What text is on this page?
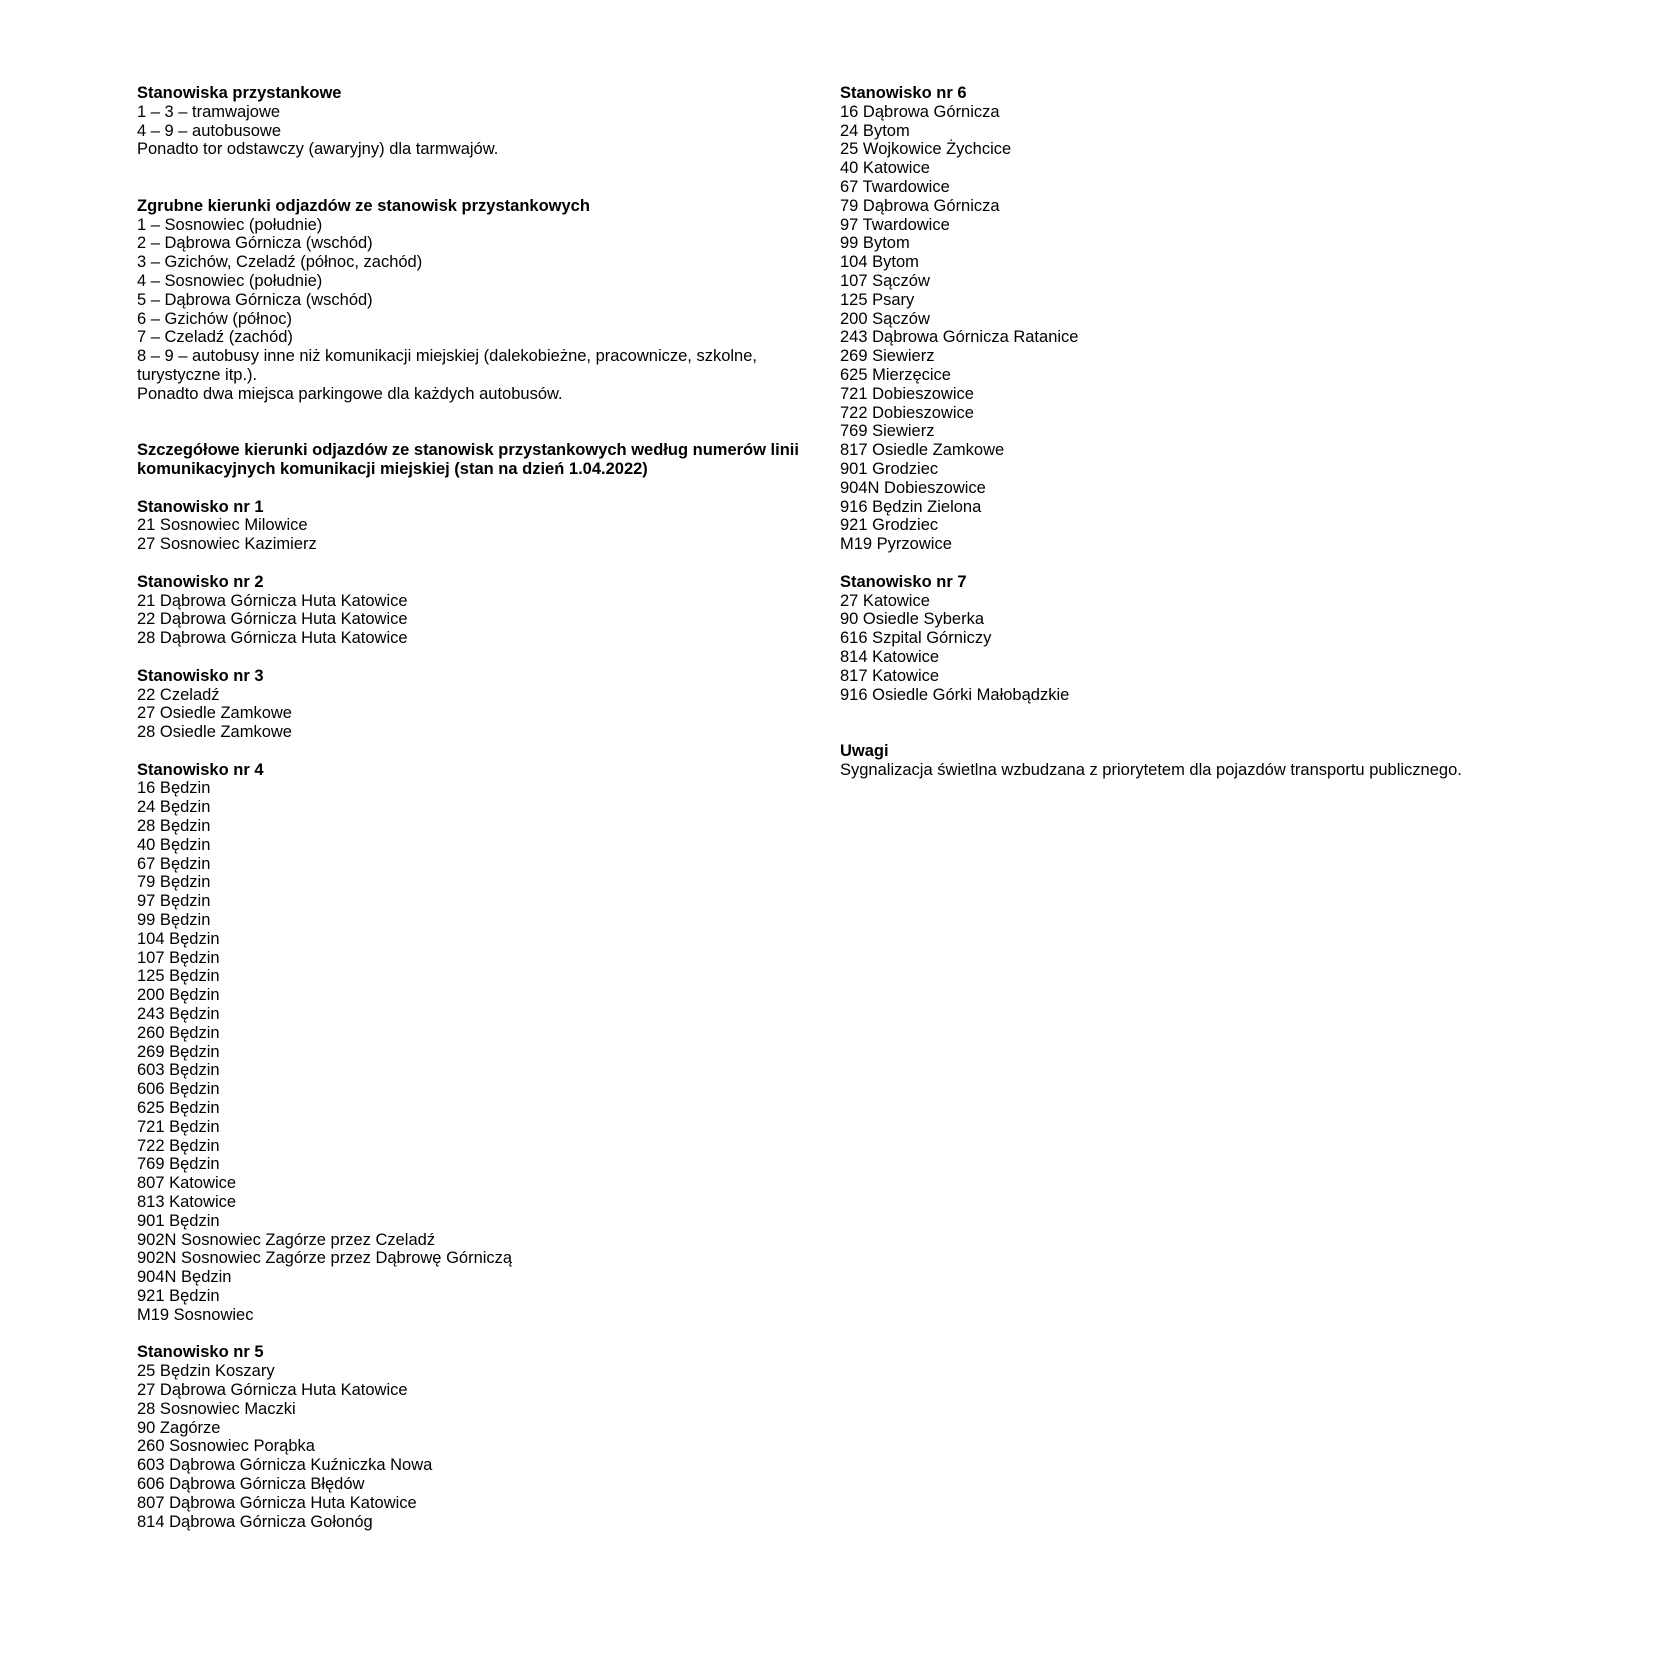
Stanowiska przystankowe
1 – 3 – tramwajowe
4 – 9 – autobusowe
Ponadto tor odstawczy (awaryjny) dla tarmwajów.
Zgrubne kierunki odjazdów ze stanowisk przystankowych
1 – Sosnowiec (południe)
2 – Dąbrowa Górnicza (wschód)
3 – Gzichów, Czeladź (północ, zachód)
4 – Sosnowiec (południe)
5 – Dąbrowa Górnicza (wschód)
6 – Gzichów (północ)
7 – Czeladź (zachód)
8 – 9 – autobusy inne niż komunikacji miejskiej (dalekobieżne, pracownicze, szkolne,
turystyczne itp.).
Ponadto dwa miejsca parkingowe dla każdych autobusów.
Szczegółowe kierunki odjazdów ze stanowisk przystankowych według numerów linii
komunikacyjnych komunikacji miejskiej (stan na dzień 1.04.2022)
Stanowisko nr 1
21 Sosnowiec Milowice
27 Sosnowiec Kazimierz
Stanowisko nr 2
21 Dąbrowa Górnicza Huta Katowice
22 Dąbrowa Górnicza Huta Katowice
28 Dąbrowa Górnicza Huta Katowice
Stanowisko nr 3
22 Czeladź
27 Osiedle Zamkowe
28 Osiedle Zamkowe
Stanowisko nr 4
16 Będzin
24 Będzin
28 Będzin
40 Będzin
67 Będzin
79 Będzin
97 Będzin
99 Będzin
104 Będzin
107 Będzin
125 Będzin
200 Będzin
243 Będzin
260 Będzin
269 Będzin
603 Będzin
606 Będzin
625 Będzin
721 Będzin
722 Będzin
769 Będzin
807 Katowice
813 Katowice
901 Będzin
902N Sosnowiec Zagórze przez Czeladź
902N Sosnowiec Zagórze przez Dąbrowę Górniczą
904N Będzin
921 Będzin
M19 Sosnowiec
Stanowisko nr 5
25 Będzin Koszary
27 Dąbrowa Górnicza Huta Katowice
28 Sosnowiec Maczki
90 Zagórze
260 Sosnowiec Porąbka
603 Dąbrowa Górnicza Kuźniczka Nowa
606 Dąbrowa Górnicza Błędów
807 Dąbrowa Górnicza Huta Katowice
814 Dąbrowa Górnicza Gołonóg
Stanowisko nr 6
16 Dąbrowa Górnicza
24 Bytom
25 Wojkowice Żychcice
40 Katowice
67 Twardowice
79 Dąbrowa Górnicza
97 Twardowice
99 Bytom
104 Bytom
107 Sączów
125 Psary
200 Sączów
243 Dąbrowa Górnicza Ratanice
269 Siewierz
625 Mierzęcice
721 Dobieszowice
722 Dobieszowice
769 Siewierz
817 Osiedle Zamkowe
901 Grodziec
904N Dobieszowice
916 Będzin Zielona
921 Grodziec
M19 Pyrzowice
Stanowisko nr 7
27 Katowice
90 Osiedle Syberka
616 Szpital Górniczy
814 Katowice
817 Katowice
916 Osiedle Górki Małobądzkie
Uwagi
Sygnalizacja świetlna wzbudzana z priorytetem dla pojazdów transportu publicznego.
